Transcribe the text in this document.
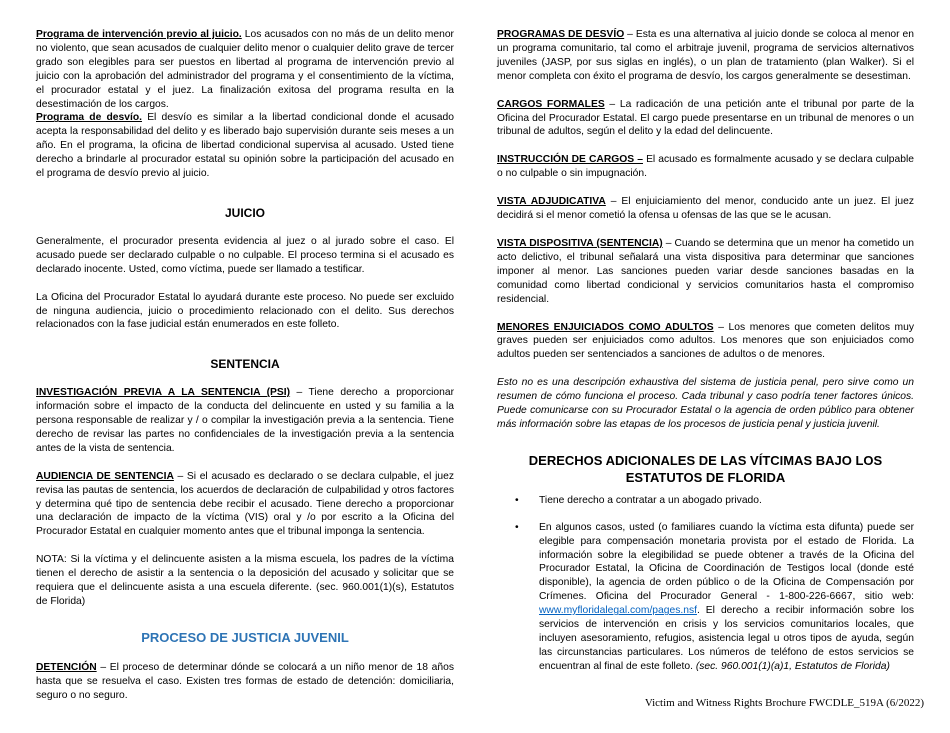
Programa de intervención previo al juicio. Los acusados con no más de un delito menor no violento, que sean acusados de cualquier delito menor o cualquier delito grave de tercer grado son elegibles para ser puestos en libertad al programa de intervención previo al juicio con la aprobación del administrador del programa y el consentimiento de la víctima, el procurador estatal y el juez. La finalización exitosa del programa resulta en la desestimación de los cargos.

Programa de desvío. El desvío es similar a la libertad condicional donde el acusado acepta la responsabilidad del delito y es liberado bajo supervisión durante seis meses a un año. En el programa, la oficina de libertad condicional supervisa al acusado. Usted tiene derecho a brindarle al procurador estatal su opinión sobre la participación del acusado en el programa de desvío previo al juicio.

JUICIO

Generalmente, el procurador presenta evidencia al juez o al jurado sobre el caso. El acusado puede ser declarado culpable o no culpable. El proceso termina si el acusado es declarado inocente. Usted, como víctima, puede ser llamado a testificar.

La Oficina del Procurador Estatal lo ayudará durante este proceso. No puede ser excluido de ninguna audiencia, juicio o procedimiento relacionado con el delito. Sus derechos relacionados con la fase judicial están enumerados en este folleto.

SENTENCIA

INVESTIGACIÓN PREVIA A LA SENTENCIA (PSI) – Tiene derecho a proporcionar información sobre el impacto de la conducta del delincuente en usted y su familia a la persona responsable de realizar y / o compilar la investigación previa a la sentencia. Tiene derecho de revisar las partes no confidenciales de la investigación previa a la sentencia antes de la vista de sentencia.

AUDIENCIA DE SENTENCIA – Si el acusado es declarado o se declara culpable, el juez revisa las pautas de sentencia, los acuerdos de declaración de culpabilidad y otros factores y determina qué tipo de sentencia debe recibir el acusado. Tiene derecho a proporcionar una declaración de impacto de la víctima (VIS) oral y /o por escrito a la Oficina del Procurador Estatal en cualquier momento antes que el tribunal imponga la sentencia.

NOTA: Si la víctima y el delincuente asisten a la misma escuela, los padres de la víctima tienen el derecho de asistir a la sentencia o la deposición del acusado y solicitar que se requiera que el delincuente asista a una escuela diferente. (sec. 960.001(1)(s), Estatutos de Florida)

PROCESO DE JUSTICIA JUVENIL

DETENCIÓN – El proceso de determinar dónde se colocará a un niño menor de 18 años hasta que se resuelva el caso. Existen tres formas de estado de detención: domiciliaria, seguro o no seguro.

PROGRAMAS DE DESVÍO – Esta es una alternativa al juicio donde se coloca al menor en un programa comunitario, tal como el arbitraje juvenil, programa de servicios alternativos juveniles (JASP, por sus siglas en inglés), o un plan de tratamiento (plan Walker). Si el menor completa con éxito el programa de desvío, los cargos generalmente se desestiman.

CARGOS FORMALES – La radicación de una petición ante el tribunal por parte de la Oficina del Procurador Estatal. El cargo puede presentarse en un tribunal de menores o un tribunal de adultos, según el delito y la edad del delincuente.

INSTRUCCIÓN DE CARGOS – El acusado es formalmente acusado y se declara culpable o no culpable o sin impugnación.

VISTA ADJUDICATIVA – El enjuiciamiento del menor, conducido ante un juez. El juez decidirá si el menor cometió la ofensa u ofensas de las que se le acusan.

VISTA DISPOSITIVA (SENTENCIA) – Cuando se determina que un menor ha cometido un acto delictivo, el tribunal señalará una vista dispositiva para determinar que sanciones imponer al menor. Las sanciones pueden variar desde sanciones basadas en la comunidad como libertad condicional y servicios comunitarios hasta el compromiso residencial.

MENORES ENJUICIADOS COMO ADULTOS – Los menores que cometen delitos muy graves pueden ser enjuiciados como adultos. Los menores que son enjuiciados como adultos pueden ser sentenciados a sanciones de adultos o de menores.

Esto no es una descripción exhaustiva del sistema de justicia penal, pero sirve como un resumen de cómo funciona el proceso. Cada tribunal y caso podría tener factores únicos. Puede comunicarse con su Procurador Estatal o la agencia de orden público para obtener más información sobre las etapas de los procesos de justicia penal y justicia juvenil.

DERECHOS ADICIONALES DE LAS VÍTCIMAS BAJO LOS ESTATUTOS DE FLORIDA
• Tiene derecho a contratar a un abogado privado.

• En algunos casos, usted (o familiares cuando la víctima esta difunta) puede ser elegible para compensación monetaria provista por el estado de Florida. La información sobre la elegibilidad se puede obtener a través de la Oficina del Procurador Estatal, la Oficina de Coordinación de Testigos local (donde esté disponible), la agencia de orden público o de la Oficina de Compensación por Crímenes. Oficina del Procurador General - 1-800-226-6667, sitio web: www.myfloridalegal.com/pages.nsf. El derecho a recibir información sobre los servicios de intervención en crisis y los servicios comunitarios locales, que incluyen asesoramiento, refugios, asistencia legal u otros tipos de ayuda, según las circunstancias particulares. Los números de teléfono de estos servicios se encuentran al final de este folleto. (sec. 960.001(1)(a)1, Estatutos de Florida)

Victim and Witness Rights Brochure FWCDLE_519A (6/2022)
